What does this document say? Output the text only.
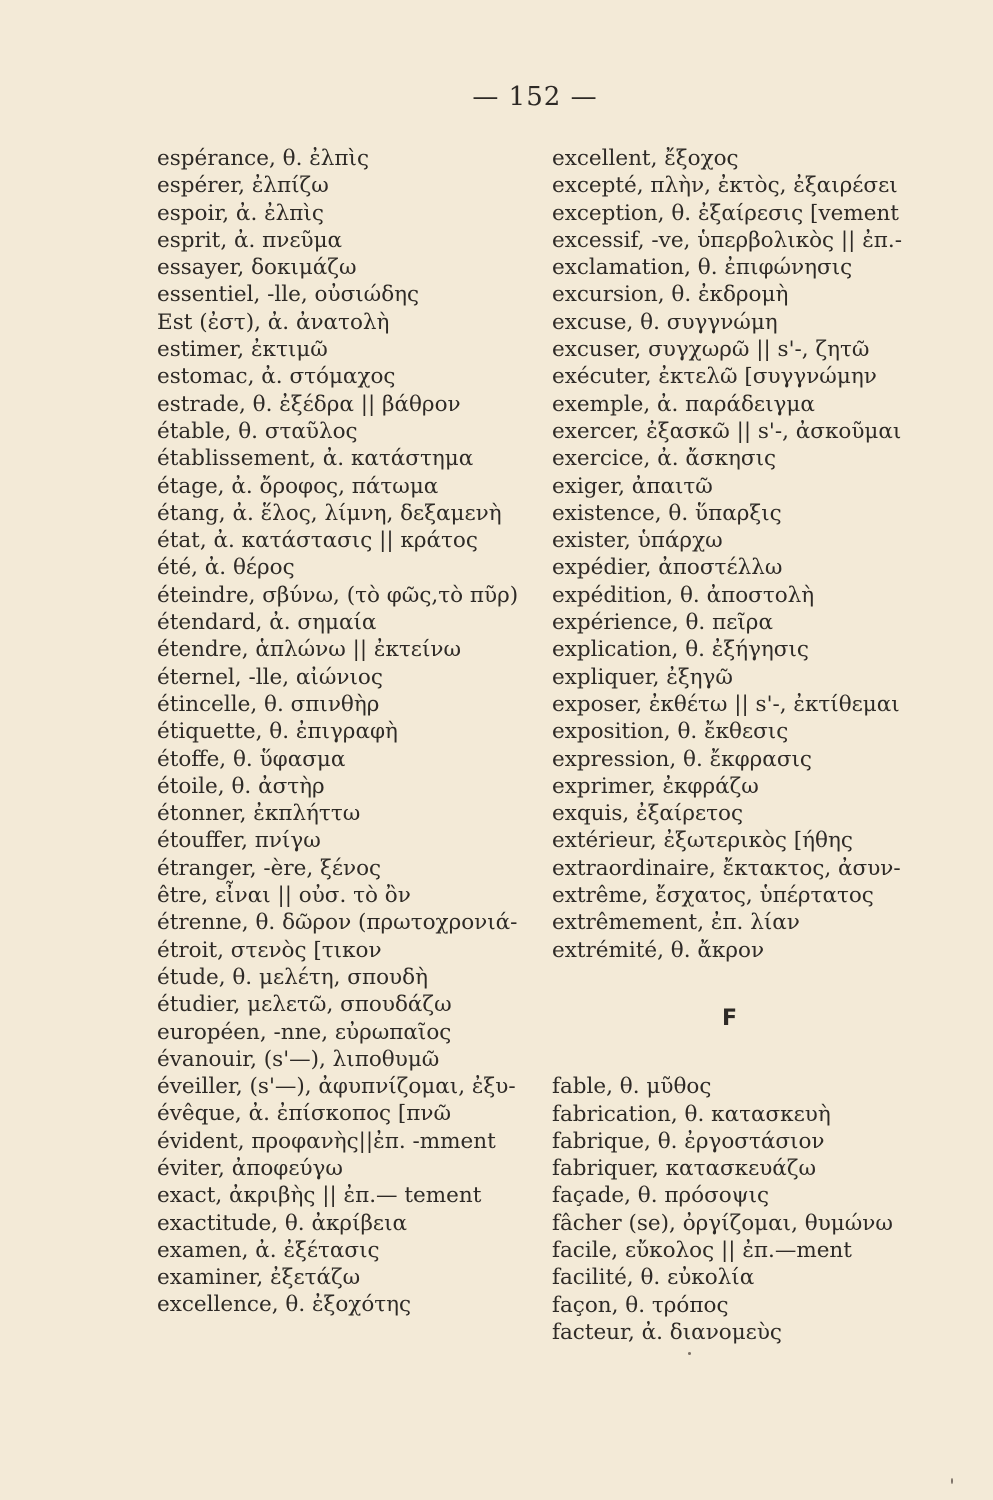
— 152 —
espérance, θ. ἐλπὶς
espérer, ἐλπίζω
espoir, ἀ. ἐλπὶς
esprit, ἀ. πνεῦμα
essayer, δοκιμάζω
essentiel, -lle, οὐσιώδης
Est (ἐστ), ἀ. ἀνατολὴ
estimer, ἐκτιμῶ
estomac, ἀ. στόμαχος
estrade, θ. ἐξέδρα || βάθρον
étable, θ. σταῦλος
établissement, ἀ. κατάστημα
étage, ἀ. ὄροφος, πάτωμα
étang, ἀ. ἕλος, λίμνη, δεξαμενὴ
état, ἀ. κατάστασις || κράτος
été, ἀ. θέρος
éteindre, σβύνω, (τὸ φῶς,τὸ πῦρ)
étendard, ἀ. σημαία
étendre, ἁπλώνω || ἐκτείνω
éternel, -lle, αἰώνιος
étincelle, θ. σπινθὴρ
étiquette, θ. ἐπιγραφὴ
étoffe, θ. ὕφασμα
étoile, θ. ἀστὴρ
étonner, ἐκπλήττω
étouffer, πνίγω
étranger, -ère, ξένος
être, εἶναι || οὐσ. τὸ ὂν
étrenne, θ. δῶρον (πρωτοχρονιά-
étroit, στενὸς [τικον
étude, θ. μελέτη, σπουδὴ
étudier, μελετῶ, σπουδάζω
européen, -nne, εὐρωπαῖος
évanouir, (s'—), λιποθυμῶ
éveiller, (s'—), ἀφυπνίζομαι, ἐξυ-
évêque, ἀ. ἐπίσκοπος [πνῶ
évident, προφανὴς||ἐπ. -mment
éviter, ἀποφεύγω
exact, ἀκριβὴς || ἐπ.— tement
exactitude, θ. ἀκρίβεια
examen, ἀ. ἐξέτασις
examiner, ἐξετάζω
excellence, θ. ἐξοχότης
excellent, ἔξοχος
excepté, πλὴν, ἐκτὸς, ἐξαιρέσει
exception, θ. ἐξαίρεσις [vement
excessif, -ve, ὑπερβολικὸς || ἐπ.-
exclamation, θ. ἐπιφώνησις
excursion, θ. ἐκδρομὴ
excuse, θ. συγγνώμη
excuser, συγχωρῶ || s'-, ζητῶ
exécuter, ἐκτελῶ [συγγνώμην
exemple, ἀ. παράδειγμα
exercer, ἐξασκῶ || s'-, ἀσκοῦμαι
exercice, ἀ. ἄσκησις
exiger, ἀπαιτῶ
existence, θ. ὕπαρξις
exister, ὑπάρχω
expédier, ἀποστέλλω
expédition, θ. ἀποστολὴ
expérience, θ. πεῖρα
explication, θ. ἐξήγησις
expliquer, ἐξηγῶ
exposer, ἐκθέτω || s'-, ἐκτίθεμαι
exposition, θ. ἔκθεσις
expression, θ. ἔκφρασις
exprimer, ἐκφράζω
exquis, ἐξαίρετος
extérieur, ἐξωτερικὸς [ήθης
extraordinaire, ἔκτακτος, ἀσυν-
extrême, ἔσχατος, ὑπέρτατος
extrêmement, ἐπ. λίαν
extrémité, θ. ἄκρον
F
fable, θ. μῦθος
fabrication, θ. κατασκευὴ
fabrique, θ. ἐργοστάσιον
fabriquer, κατασκευάζω
façade, θ. πρόσοψις
fâcher (se), ὀργίζομαι, θυμώνω
facile, εὔκολος || ἐπ.—ment
facilité, θ. εὐκολία
façon, θ. τρόπος
facteur, ἀ. διανομεὺς
